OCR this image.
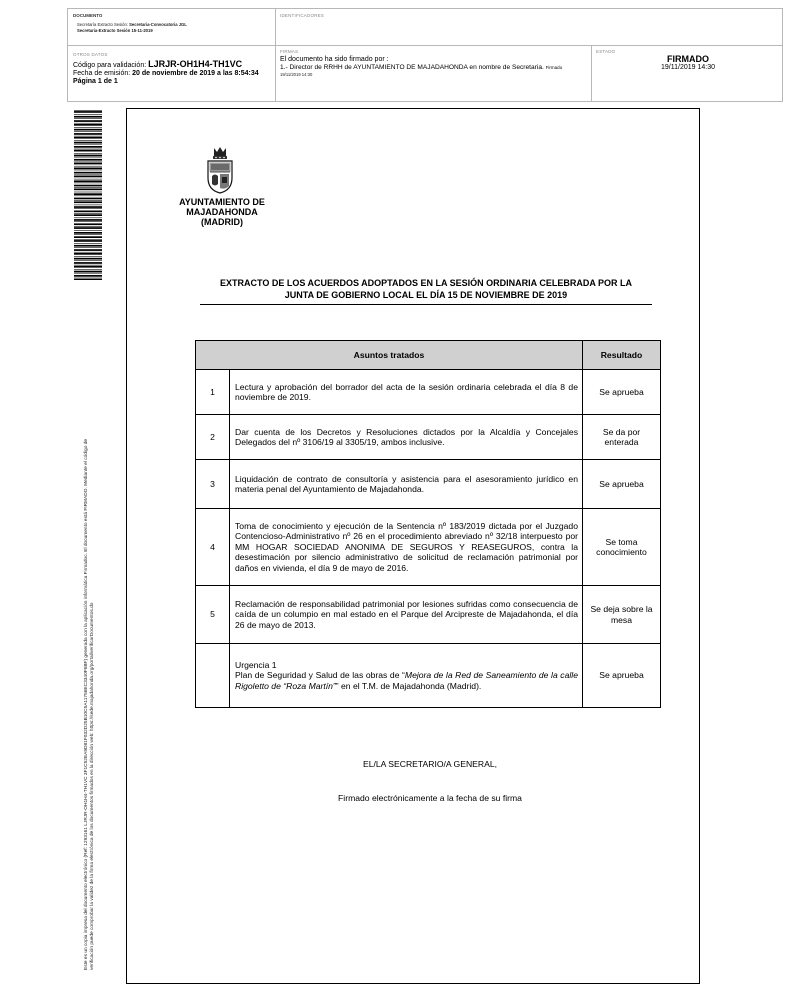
DOCUMENTO
Secretaría Extracto Sesión: Secretaria-Convocatoria JGL
Secretaria-Extracto Sesión 15-11-2019
IDENTIFICADORES
OTROS DATOS
Código para validación: LJRJR-OH1H4-TH1VC
Fecha de emisión: 20 de noviembre de 2019 a las 8:54:34
Página 1 de 1
FIRMAS
El documento ha sido firmado por :
1.- Director de RRHH de AYUNTAMIENTO DE MAJADAHONDA en nombre de Secretaria. Firmado
19/11/2019 14:30
ESTADO
FIRMADO
19/11/2019 14:30
Este es un copia impresa del documento electrónico (Ref: 1293161 LJRJR-OH1H4-TH1VC 3F1C52EA9D81F032D25B10C5A11756EC3340F6BF) generada con la aplicación informática Firmadoc. El documento está FIRMADO. Mediante el código de verificación puede comprobar la validez de la firma electrónica de los documentos firmados en la dirección web: https://sede.majadahonda.org/portal/verificarDocumentos.do
AYUNTAMIENTO DE
MAJADAHONDA
(MADRID)
EXTRACTO DE LOS ACUERDOS ADOPTADOS EN LA SESIÓN ORDINARIA CELEBRADA POR LA
JUNTA DE GOBIERNO LOCAL EL DÍA 15 DE NOVIEMBRE DE 2019
Asuntos tratados		Resultado
1	Lectura y aprobación del borrador del acta de la sesión ordinaria celebrada el día 8 de noviembre de 2019.	Se aprueba
2	Dar cuenta de los Decretos y Resoluciones dictados por la Alcaldía y Concejales Delegados del nº 3106/19 al 3305/19, ambos inclusive.	Se da por enterada
3	Liquidación de contrato de consultoría y asistencia para el asesoramiento jurídico en materia penal del Ayuntamiento de Majadahonda.	Se aprueba
4	Toma de conocimiento y ejecución de la Sentencia nº 183/2019 dictada por el Juzgado Contencioso-Administrativo nº 26 en el procedimiento abreviado nº 32/18 interpuesto por MM HOGAR SOCIEDAD ANONIMA DE SEGUROS Y REASEGUROS, contra la desestimación por silencio administrativo de solicitud de reclamación patrimonial por daños en vivienda, el día 9 de mayo de 2016.	Se toma conocimiento
5	Reclamación de responsabilidad patrimonial por lesiones sufridas como consecuencia de caída de un columpio en mal estado en el Parque del Arcipreste de Majadahonda, el día 26 de mayo de 2013.	Se deja sobre la mesa

	Urgencia 1
Plan de Seguridad y Salud de las obras de “Mejora de la Red de Saneamiento de la calle Rigoletto de “Roza Martín”” en el T.M. de Majadahonda (Madrid).	Se aprueba
EL/LA SECRETARIO/A GENERAL,
Firmado electrónicamente a la fecha de su firma
